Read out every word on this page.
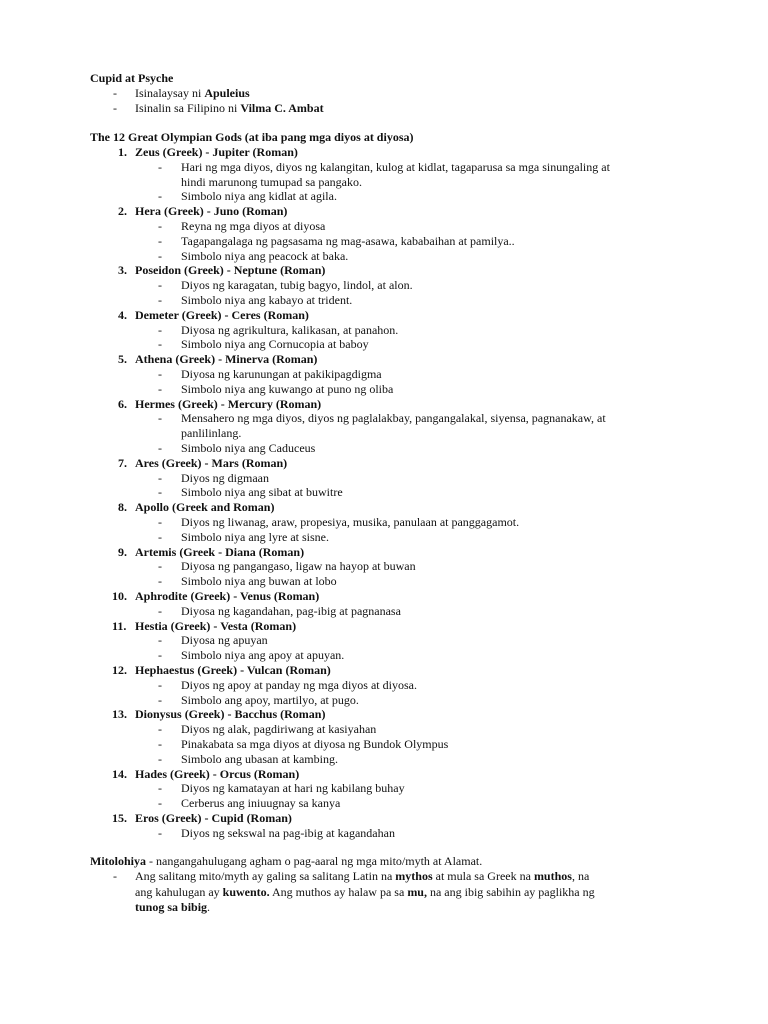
Cupid at Psyche
- Isinalaysay ni Apuleius
- Isinalin sa Filipino ni Vilma C. Ambat
The 12 Great Olympian Gods (at iba pang mga diyos at diyosa)
1. Zeus (Greek) - Jupiter (Roman)
- Hari ng mga diyos, diyos ng kalangitan, kulog at kidlat, tagaparusa sa mga sinungaling at
hindi marunong tumupad sa pangako.
- Simbolo niya ang kidlat at agila.
2. Hera (Greek) - Juno (Roman)
- Reyna ng mga diyos at diyosa
- Tagapangalaga ng pagsasama ng mag-asawa, kababaihan at pamilya..
- Simbolo niya ang peacock at baka.
3. Poseidon (Greek) - Neptune (Roman)
- Diyos ng karagatan, tubig bagyo, lindol, at alon.
- Simbolo niya ang kabayo at trident.
4. Demeter (Greek) - Ceres (Roman)
- Diyosa ng agrikultura, kalikasan, at panahon.
- Simbolo niya ang Cornucopia at baboy
5. Athena (Greek) - Minerva (Roman)
- Diyosa ng karunungan at pakikipagdigma
- Simbolo niya ang kuwango at puno ng oliba
6. Hermes (Greek) - Mercury (Roman)
- Mensahero ng mga diyos, diyos ng paglalakbay, pangangalakal, siyensa, pagnanakaw, at
panlilinlang.
- Simbolo niya ang Caduceus
7. Ares (Greek) - Mars (Roman)
- Diyos ng digmaan
- Simbolo niya ang sibat at buwitre
8. Apollo (Greek and Roman)
- Diyos ng liwanag, araw, propesiya, musika, panulaan at panggagamot.
- Simbolo niya ang lyre at sisne.
9. Artemis (Greek - Diana (Roman)
- Diyosa ng pangangaso, ligaw na hayop at buwan
- Simbolo niya ang buwan at lobo
10. Aphrodite (Greek) - Venus (Roman)
- Diyosa ng kagandahan, pag-ibig at pagnanasa
11. Hestia (Greek) - Vesta (Roman)
- Diyosa ng apuyan
- Simbolo niya ang apoy at apuyan.
12. Hephaestus (Greek) - Vulcan (Roman)
- Diyos ng apoy at panday ng mga diyos at diyosa.
- Simbolo ang apoy, martilyo, at pugo.
13. Dionysus (Greek) - Bacchus (Roman)
- Diyos ng alak, pagdiriwang at kasiyahan
- Pinakabata sa mga diyos at diyosa ng Bundok Olympus
- Simbolo ang ubasan at kambing.
14. Hades (Greek) - Orcus (Roman)
- Diyos ng kamatayan at hari ng kabilang buhay
- Cerberus ang iniuugnay sa kanya
15. Eros (Greek) - Cupid (Roman)
- Diyos ng sekswal na pag-ibig at kagandahan
Mitolohiya - nangangahulugang agham o pag-aaral ng mga mito/myth at Alamat.
- Ang salitang mito/myth ay galing sa salitang Latin na mythos at mula sa Greek na muthos, na
ang kahulugan ay kuwento. Ang muthos ay halaw pa sa mu, na ang ibig sabihin ay paglikha ng
tunog sa bibig.
